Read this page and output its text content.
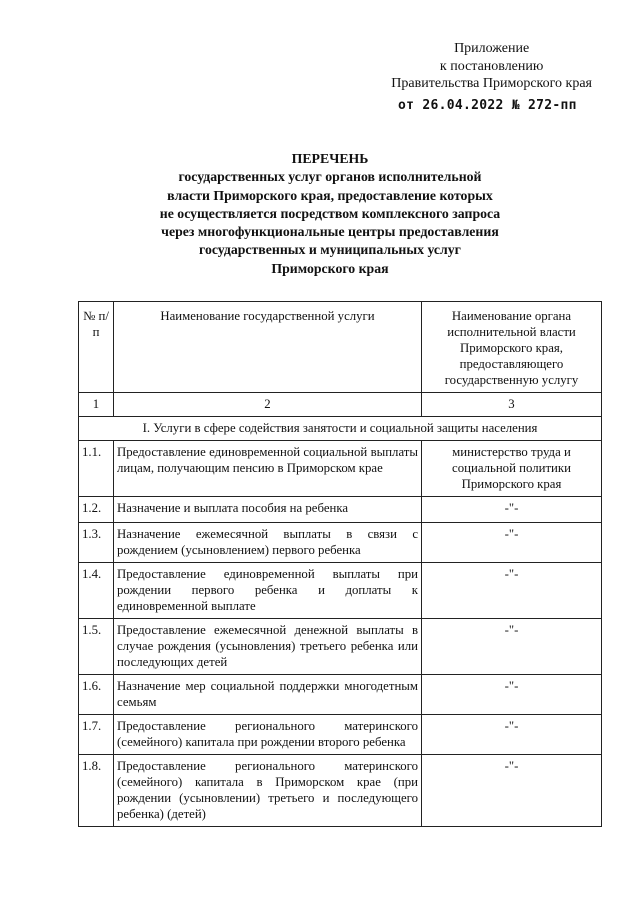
Приложение
к постановлению
Правительства Приморского края
от 26.04.2022 № 272-пп
ПЕРЕЧЕНЬ
государственных услуг органов исполнительной
власти Приморского края, предоставление которых
не осуществляется посредством комплексного запроса
через многофункциональные центры предоставления
государственных и муниципальных услуг
Приморского края
№ п/п	Наименование государственной услуги	Наименование органа исполнительной власти Приморского края, предоставляющего государственную услугу
1	2	3
I. Услуги в сфере содействия занятости и социальной защиты населения		
1.1.	Предоставление единовременной социальной выплаты лицам, получающим пенсию в Приморском крае	министерство труда и социальной политики Приморского края
1.2.	Назначение и выплата пособия на ребенка	-"-
1.3.	Назначение ежемесячной выплаты в связи с рождением (усыновлением) первого ребенка	-"-
1.4.	Предоставление единовременной выплаты при рождении первого ребенка и доплаты к единовременной выплате	-"-
1.5.	Предоставление ежемесячной денежной выплаты в случае рождения (усыновления) третьего ребенка или последующих детей	-"-
1.6.	Назначение мер социальной поддержки многодетным семьям	-"-
1.7.	Предоставление регионального материнского (семейного) капитала при рождении второго ребенка	-"-
1.8.	Предоставление регионального материнского (семейного) капитала в Приморском крае (при рождении (усыновлении) третьего и последующего ребенка) (детей)	-"-
